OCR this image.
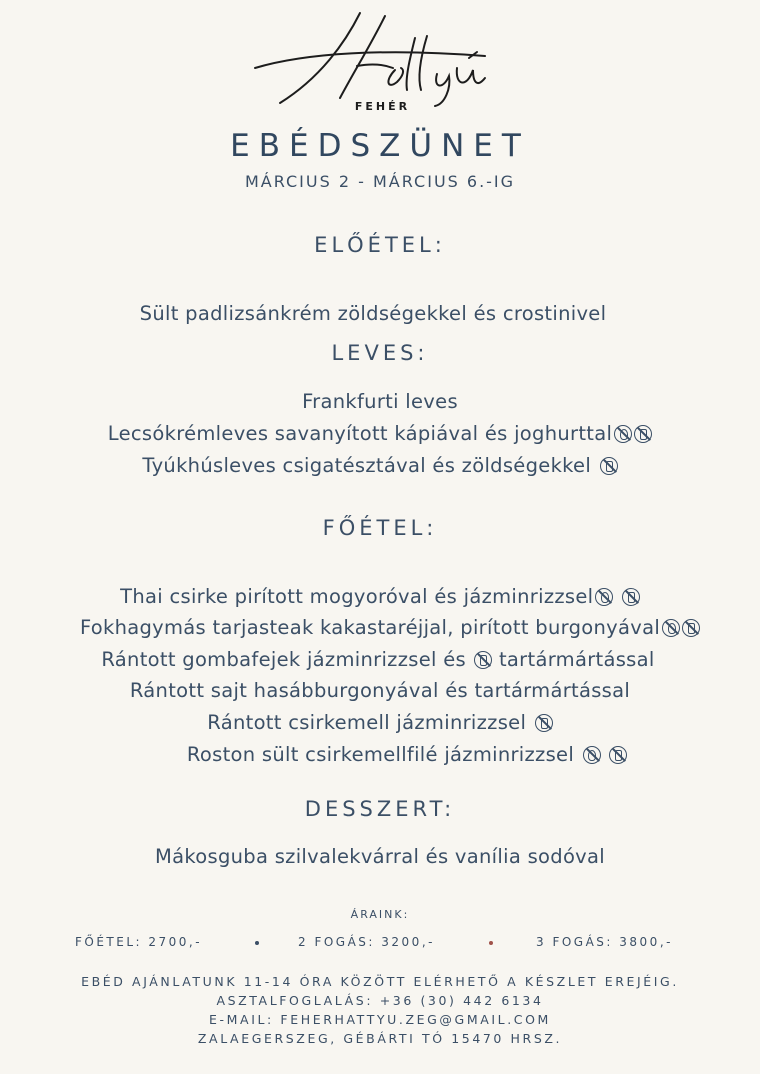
FEHÉR
EBÉDSZÜNET
MÁRCIUS 2 - MÁRCIUS 6.-IG
ELŐÉTEL:
Sült padlizsánkrém zöldségekkel és crostinivel
LEVES:
Frankfurti leves
Lecsókrémleves savanyított kápiával és joghurttal
Tyúkhúsleves csigatésztával és zöldségekkel
FŐÉTEL:
Thai csirke pirított mogyoróval és jázminrizzsel
Fokhagymás tarjasteak kakastaréjjal, pirított burgonyával
Rántott gombafejek jázminrizzsel és tartármártással
Rántott sajt hasábburgonyával és tartármártással
Rántott csirkemell jázminrizzsel
Roston sült csirkemellfilé jázminrizzsel
DESSZERT:
Mákosguba szilvalekvárral és vanília sodóval
ÁRAINK:
FŐÉTEL: 2700,-	2 FOGÁS: 3200,-	3 FOGÁS: 3800,-
EBÉD AJÁNLATUNK 11-14 ÓRA KÖZÖTT ELÉRHETŐ A KÉSZLET EREJÉIG.
ASZTALFOGLALÁS: +36 (30) 442 6134
E-MAIL: FEHERHATTYU.ZEG@GMAIL.COM
ZALAEGERSZEG, GÉBÁRTI TÓ 15470 HRSZ.
